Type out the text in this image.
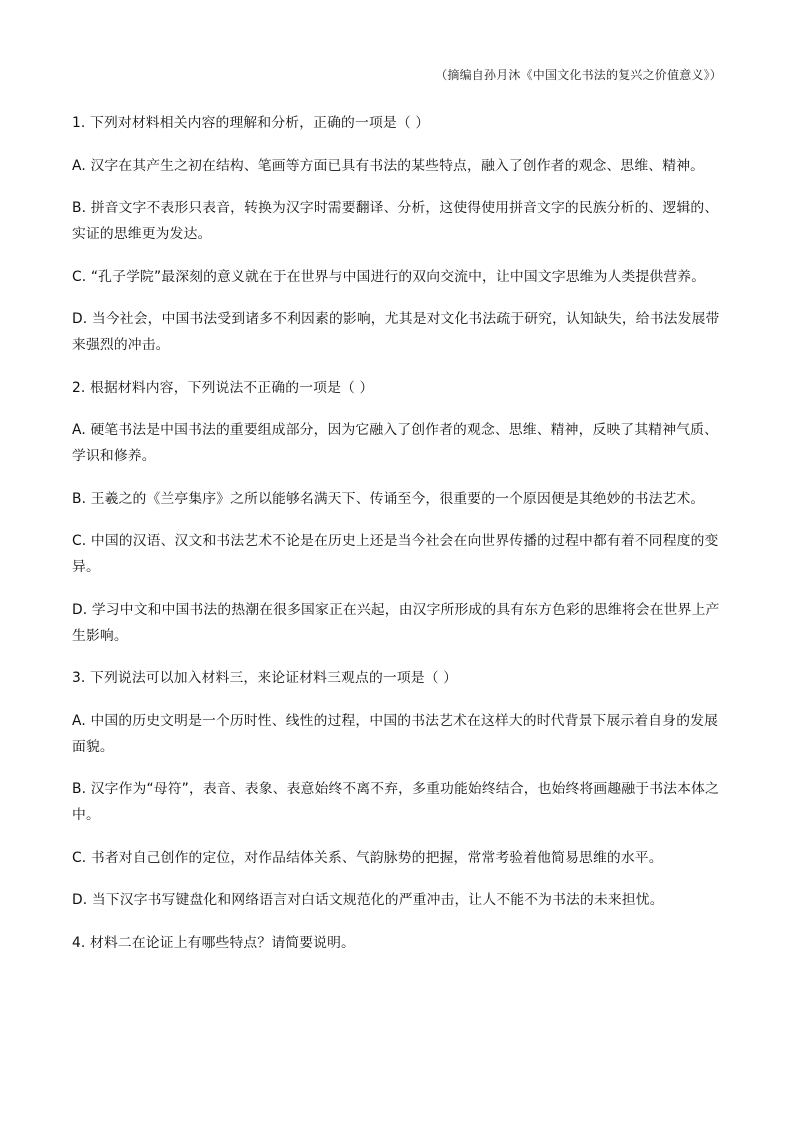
（摘编自孙月沐《中国文化书法的复兴之价值意义》）

1. 下列对材料相关内容的理解和分析，正确的一项是（ ）

A. 汉字在其产生之初在结构、笔画等方面已具有书法的某些特点，融入了创作者的观念、思维、精神。

B. 拼音文字不表形只表音，转换为汉字时需要翻译、分析，这使得使用拼音文字的民族分析的、逻辑的、实证的思维更为发达。

C. “孔子学院”最深刻的意义就在于在世界与中国进行的双向交流中，让中国文字思维为人类提供营养。

D. 当今社会，中国书法受到诸多不利因素的影响，尤其是对文化书法疏于研究，认知缺失，给书法发展带来强烈的冲击。

2. 根据材料内容，下列说法不正确的一项是（ ）

A. 硬笔书法是中国书法的重要组成部分，因为它融入了创作者的观念、思维、精神，反映了其精神气质、学识和修养。

B. 王羲之的《兰亭集序》之所以能够名满天下、传诵至今，很重要的一个原因便是其绝妙的书法艺术。

C. 中国的汉语、汉文和书法艺术不论是在历史上还是当今社会在向世界传播的过程中都有着不同程度的变异。

D. 学习中文和中国书法的热潮在很多国家正在兴起，由汉字所形成的具有东方色彩的思维将会在世界上产生影响。

3. 下列说法可以加入材料三，来论证材料三观点的一项是（ ）

A. 中国的历史文明是一个历时性、线性的过程，中国的书法艺术在这样大的时代背景下展示着自身的发展面貌。

B. 汉字作为“母符”，表音、表象、表意始终不离不弃，多重功能始终结合，也始终将画趣融于书法本体之中。

C. 书者对自己创作的定位，对作品结体关系、气韵脉势的把握，常常考验着他简易思维的水平。

D. 当下汉字书写键盘化和网络语言对白话文规范化的严重冲击，让人不能不为书法的未来担忧。

4. 材料二在论证上有哪些特点？请简要说明。
